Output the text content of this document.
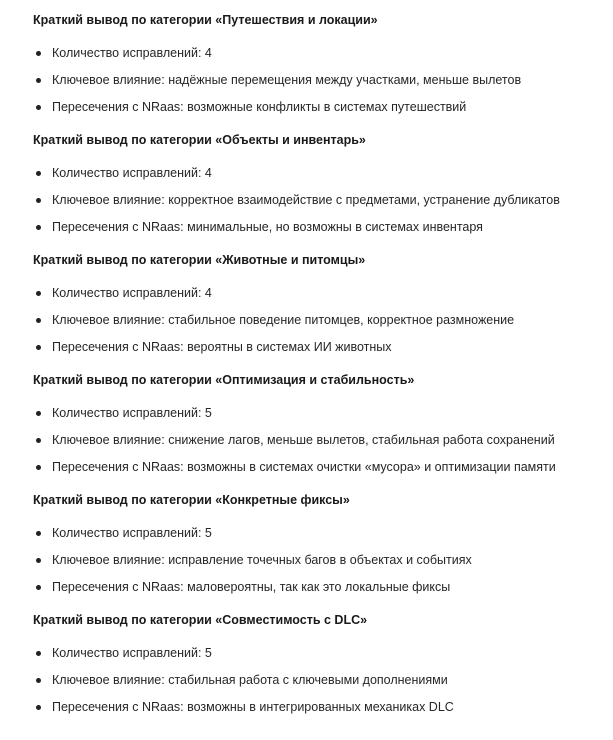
Краткий вывод по категории «Путешествия и локации»
Количество исправлений: 4
Ключевое влияние: надёжные перемещения между участками, меньше вылетов
Пересечения с NRaas: возможные конфликты в системах путешествий
Краткий вывод по категории «Объекты и инвентарь»
Количество исправлений: 4
Ключевое влияние: корректное взаимодействие с предметами, устранение дубликатов
Пересечения с NRaas: минимальные, но возможны в системах инвентаря
Краткий вывод по категории «Животные и питомцы»
Количество исправлений: 4
Ключевое влияние: стабильное поведение питомцев, корректное размножение
Пересечения с NRaas: вероятны в системах ИИ животных
Краткий вывод по категории «Оптимизация и стабильность»
Количество исправлений: 5
Ключевое влияние: снижение лагов, меньше вылетов, стабильная работа сохранений
Пересечения с NRaas: возможны в системах очистки «мусора» и оптимизации памяти
Краткий вывод по категории «Конкретные фиксы»
Количество исправлений: 5
Ключевое влияние: исправление точечных багов в объектах и событиях
Пересечения с NRaas: маловероятны, так как это локальные фиксы
Краткий вывод по категории «Совместимость с DLC»
Количество исправлений: 5
Ключевое влияние: стабильная работа с ключевыми дополнениями
Пересечения с NRaas: возможны в интегрированных механиках DLC
